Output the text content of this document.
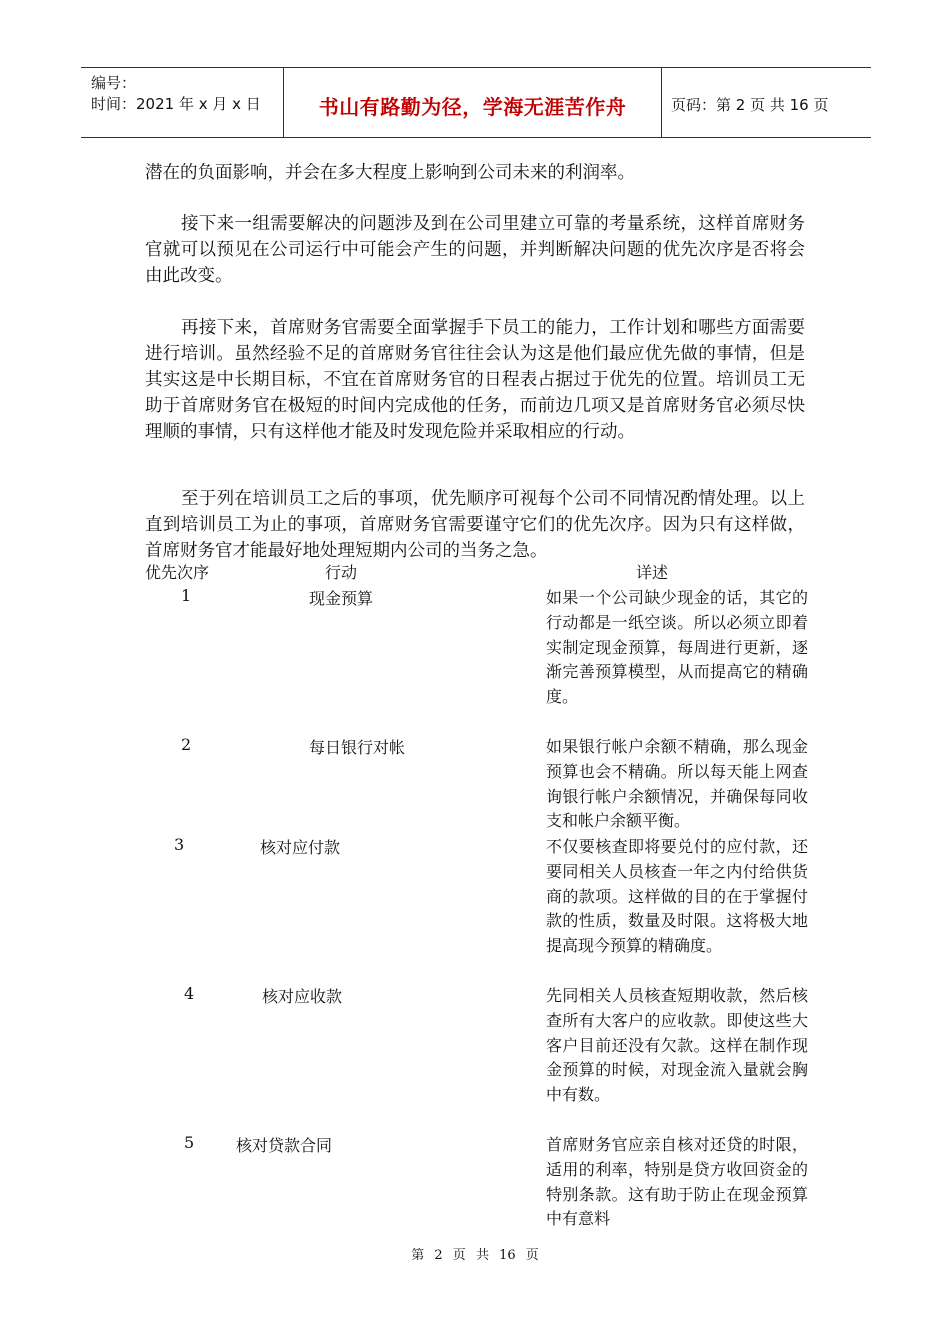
编号：
时间：2021 年 x 月 x 日	书山有路勤为径，学海无涯苦作舟	页码：第 2 页 共 16 页
潜在的负面影响，并会在多大程度上影响到公司未来的利润率。
接下来一组需要解决的问题涉及到在公司里建立可靠的考量系统，这样首席财务官就可以预见在公司运行中可能会产生的问题，并判断解决问题的优先次序是否将会由此改变。
再接下来，首席财务官需要全面掌握手下员工的能力，工作计划和哪些方面需要进行培训。虽然经验不足的首席财务官往往会认为这是他们最应优先做的事情，但是其实这是中长期目标，不宜在首席财务官的日程表占据过于优先的位置。培训员工无助于首席财务官在极短的时间内完成他的任务，而前边几项又是首席财务官必须尽快理顺的事情，只有这样他才能及时发现危险并采取相应的行动。
至于列在培训员工之后的事项，优先顺序可视每个公司不同情况酌情处理。以上直到培训员工为止的事项，首席财务官需要谨守它们的优先次序。因为只有这样做，首席财务官才能最好地处理短期内公司的当务之急。
优先次序	行动	详述
1	现金预算	如果一个公司缺少现金的话，其它的行动都是一纸空谈。所以必须立即着实制定现金预算，每周进行更新，逐渐完善预算模型，从而提高它的精确度。
2	每日银行对帐	如果银行帐户余额不精确，那么现金预算也会不精确。所以每天能上网查询银行帐户余额情况，并确保每同收支和帐户余额平衡。
3	核对应付款	不仅要核查即将要兑付的应付款，还要同相关人员核查一年之内付给供货商的款项。这样做的目的在于掌握付款的性质，数量及时限。这将极大地提高现今预算的精确度。
4	核对应收款	先同相关人员核查短期收款，然后核查所有大客户的应收款。即使这些大客户目前还没有欠款。这样在制作现金预算的时候，对现金流入量就会胸中有数。
5	核对贷款合同	首席财务官应亲自核对还贷的时限，适用的利率，特别是贷方收回资金的特别条款。这有助于防止在现金预算中有意料
第 2 页 共 16 页
